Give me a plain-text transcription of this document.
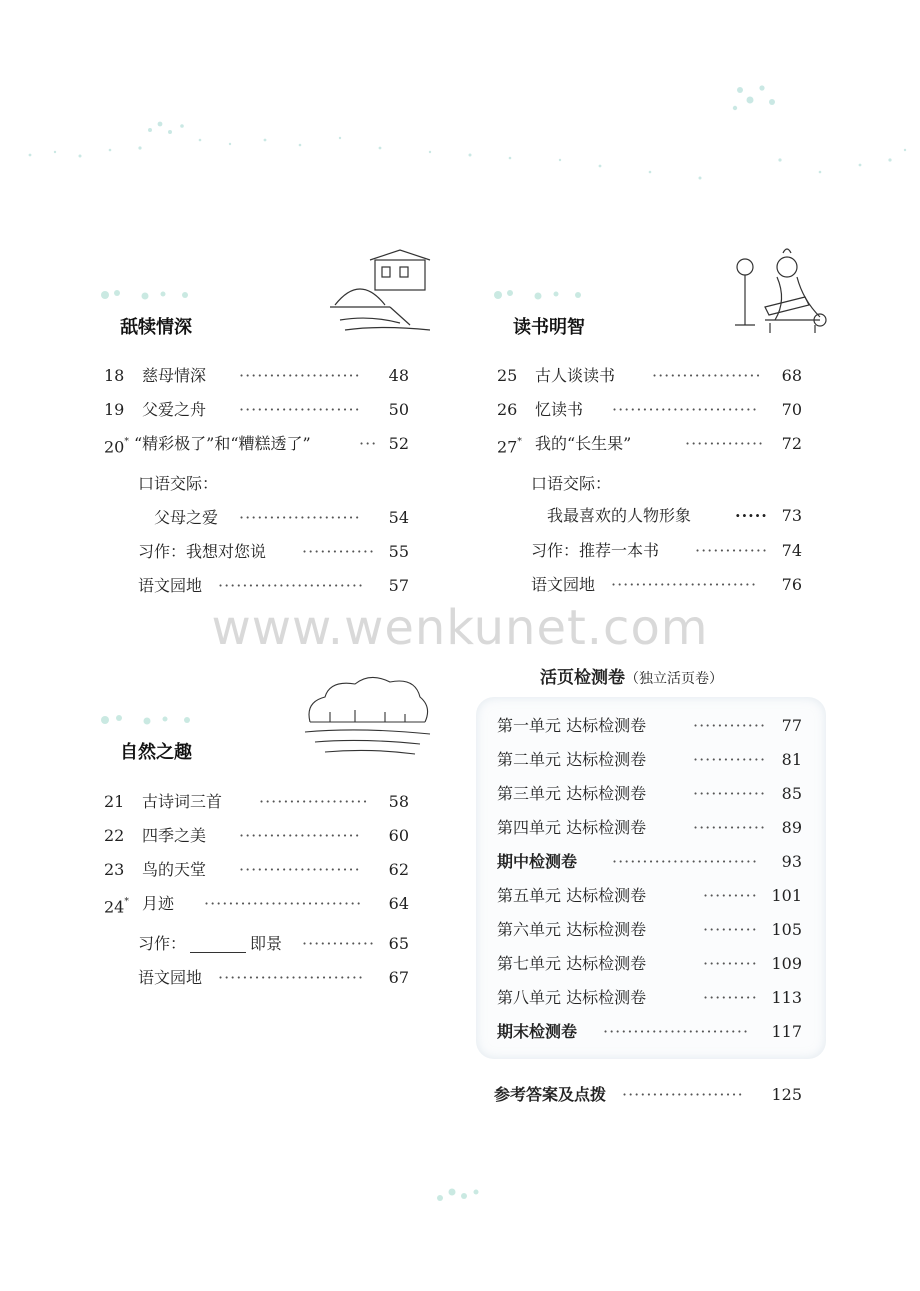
www.wenkunet.com
舐犊情深
18 慈母情深 ····················	48
19 父爱之舟 ····················	50
20* “精彩极了”和“糟糕透了”	··· 52
口语交际：
父母之爱 ····················	54
习作：我想对您说 ············ 55
语文园地 ························	57
自然之趣
21 古诗词三首 ··················	58
22 四季之美 ····················	60
23 鸟的天堂 ····················	62
24* 月迹 ··························	64
习作：	即景 ············ 65
语文园地 ························	67
读书明智
25 古人谈读书 ··················	68
26 忆读书 ························	70
27* 我的“长生果”	·············	72
口语交际：
我最喜欢的人物形象	····· 73
习作：推荐一本书 ············ 74
语文园地 ························	76
活页检测卷（独立活页卷）
第一单元 达标检测卷	············ 77
第二单元 达标检测卷	············ 81
第三单元 达标检测卷	············ 85
第四单元 达标检测卷	············ 89
期中检测卷 ························	93
第五单元 达标检测卷	········· 101
第六单元 达标检测卷	········· 105
第七单元 达标检测卷	········· 109
第八单元 达标检测卷	········· 113
期末检测卷 ························	117
参考答案及点拨 ····················	125
